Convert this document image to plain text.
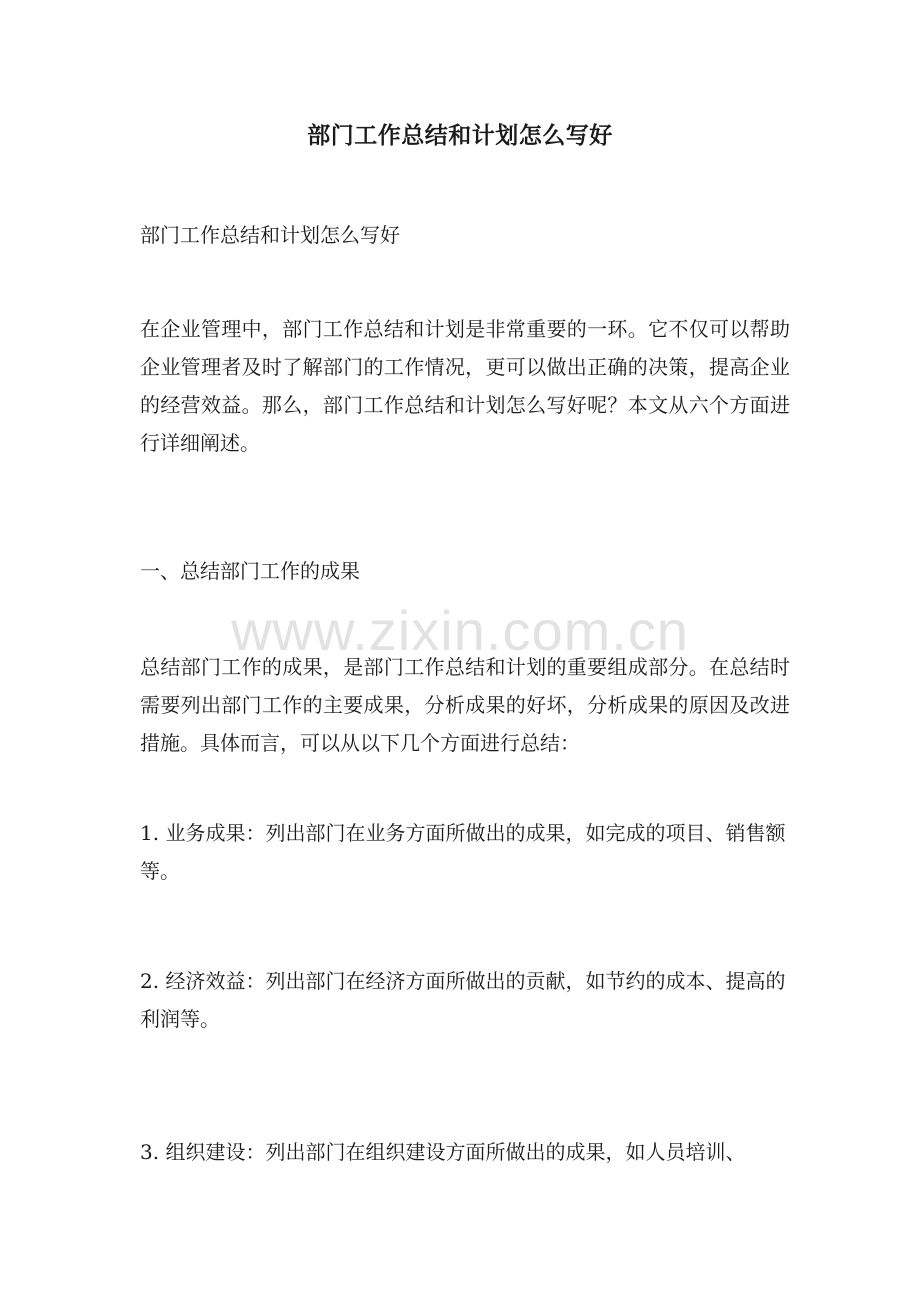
部门工作总结和计划怎么写好

部门工作总结和计划怎么写好

在企业管理中，部门工作总结和计划是非常重要的一环。它不仅可以帮助企业管理者及时了解部门的工作情况，更可以做出正确的决策，提高企业的经营效益。那么，部门工作总结和计划怎么写好呢？本文从六个方面进行详细阐述。

一、总结部门工作的成果

总结部门工作的成果，是部门工作总结和计划的重要组成部分。在总结时需要列出部门工作的主要成果，分析成果的好坏，分析成果的原因及改进措施。具体而言，可以从以下几个方面进行总结：

1. 业务成果：列出部门在业务方面所做出的成果，如完成的项目、销售额等。

2. 经济效益：列出部门在经济方面所做出的贡献，如节约的成本、提高的利润等。

3. 组织建设：列出部门在组织建设方面所做出的成果，如人员培训、

www.zixin.com.cn
